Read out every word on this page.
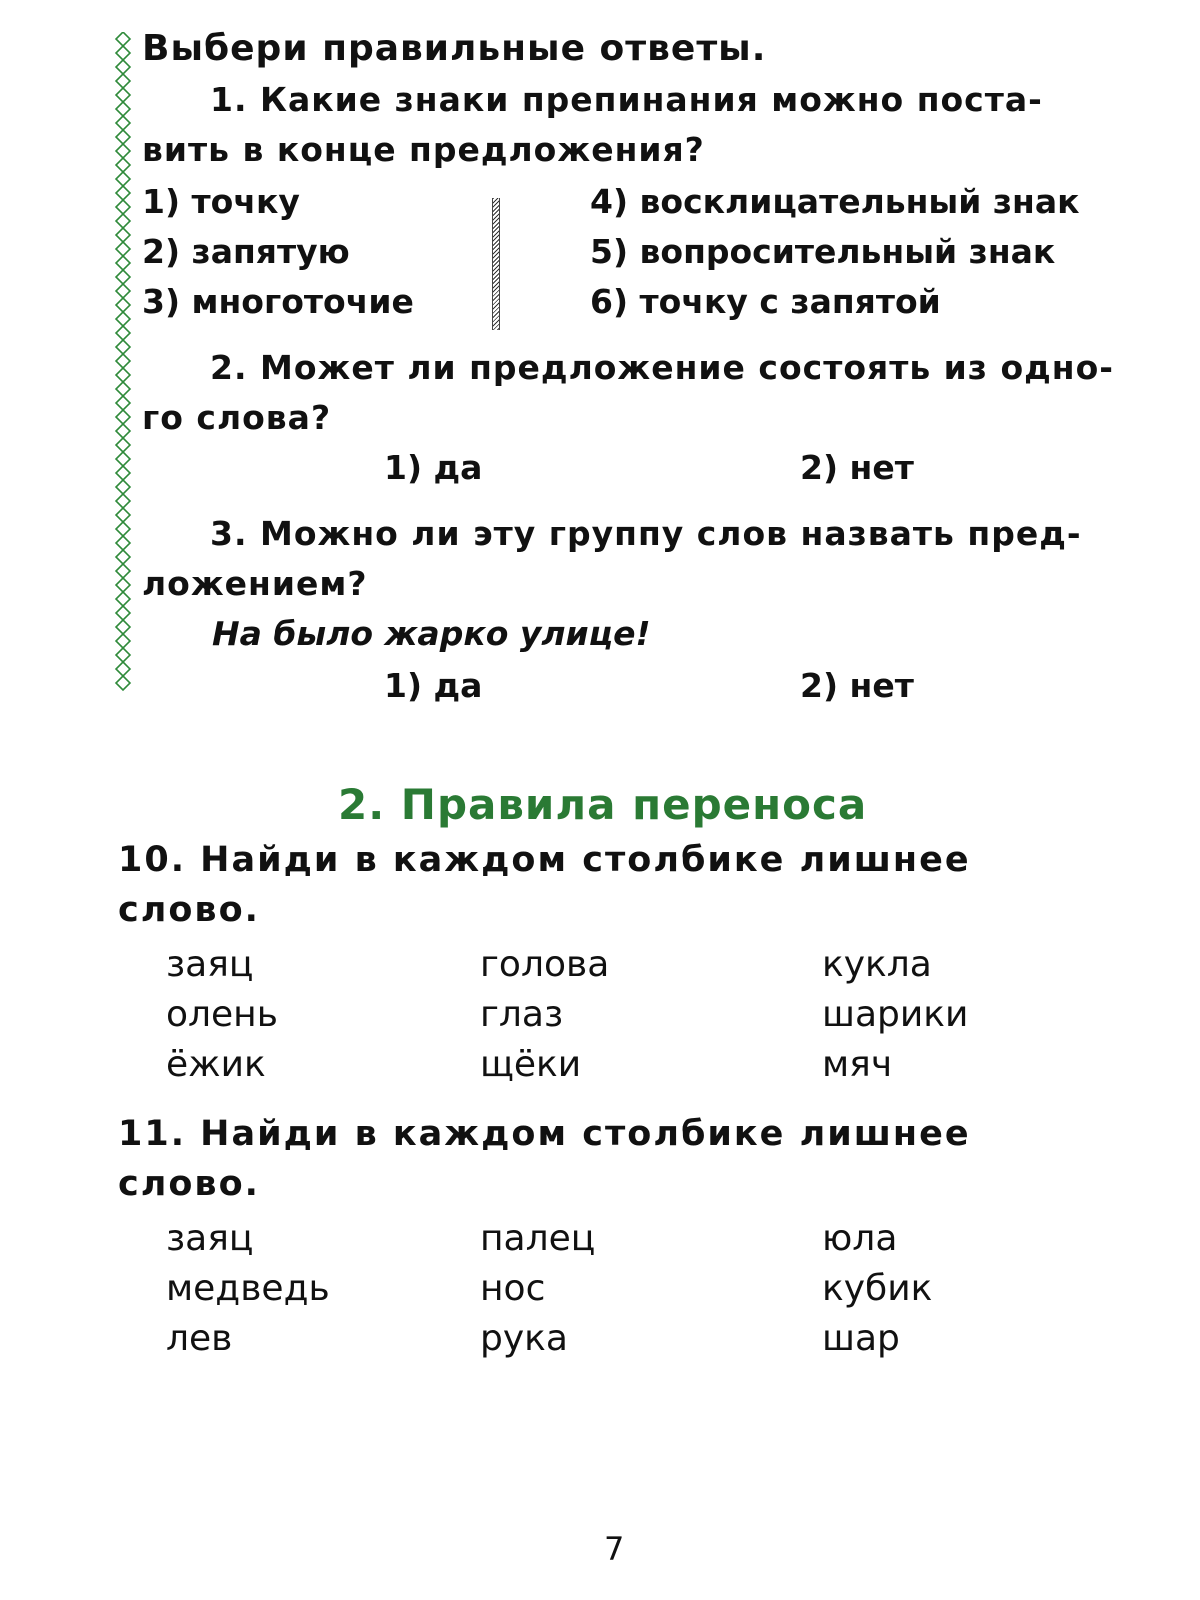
Выбери правильные ответы.
1. Какие знаки препинания можно поста-
вить в конце предложения?
1) точку
2) запятую
3) многоточие
4) восклицательный знак
5) вопросительный знак
6) точку с запятой
2. Может ли предложение состоять из одно-
го слова?
1) да	2) нет
3. Можно ли эту группу слов назвать пред-
ложением?
На было жарко улице!
1) да	2) нет
2. Правила переноса
10. Найди в каждом столбике лишнее
слово.
заяц
олень
ёжик
голова
глаз
щёки
кукла
шарики
мяч
11. Найди в каждом столбике лишнее
слово.
заяц
медведь
лев
палец
нос
рука
юла
кубик
шар
7
